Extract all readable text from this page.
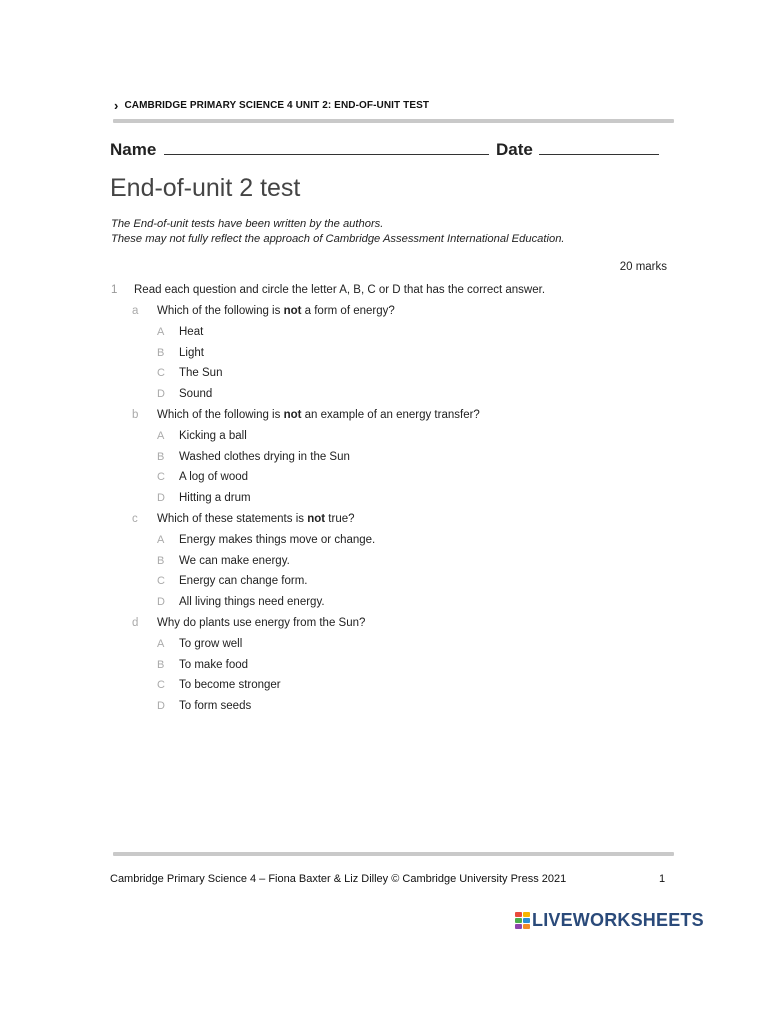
› CAMBRIDGE PRIMARY SCIENCE 4 UNIT 2: END-OF-UNIT TEST
Name	Date
End-of-unit 2 test
The End-of-unit tests have been written by the authors.
These may not fully reflect the approach of Cambridge Assessment International Education.
20 marks
1 Read each question and circle the letter A, B, C or D that has the correct answer.
a Which of the following is not a form of energy?
A Heat
B Light
C The Sun
D Sound
b Which of the following is not an example of an energy transfer?
A Kicking a ball
B Washed clothes drying in the Sun
C A log of wood
D Hitting a drum
c Which of these statements is not true?
A Energy makes things move or change.
B We can make energy.
C Energy can change form.
D All living things need energy.
d Why do plants use energy from the Sun?
A To grow well
B To make food
C To become stronger
D To form seeds
Cambridge Primary Science 4 – Fiona Baxter & Liz Dilley © Cambridge University Press 2021	1
LIVEWORKSHEETS
